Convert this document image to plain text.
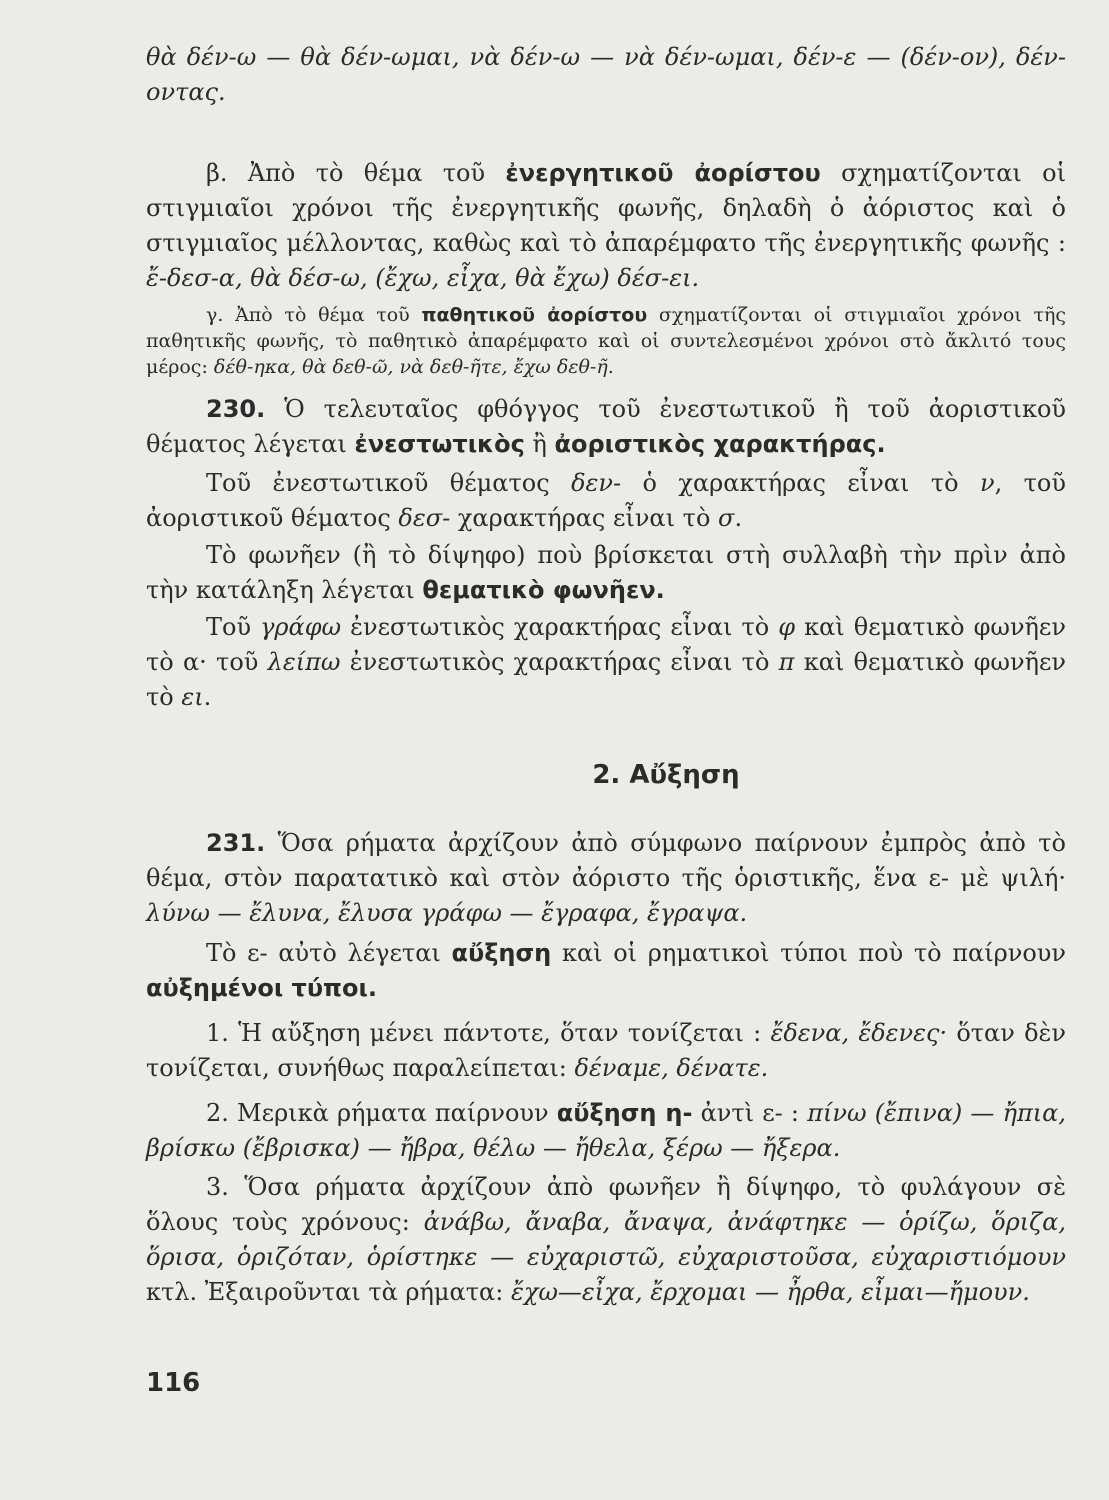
θὰ δέν-ω — θὰ δέν-ωμαι, νὰ δέν-ω — νὰ δέν-ωμαι, δέν-ε — (δέν-ον), δέν-οντας.

β. Ἀπὸ τὸ θέμα τοῦ ἐνεργητικοῦ ἀορίστου σχηματίζονται οἱ στιγμιαῖοι χρόνοι τῆς ἐνεργητικῆς φωνῆς, δηλαδὴ ὁ ἀόριστος καὶ ὁ στιγμιαῖος μέλλοντας, καθὼς καὶ τὸ ἀπαρέμφατο τῆς ἐνεργητικῆς φωνῆς : ἔ-δεσ-α, θὰ δέσ-ω, (ἔχω, εἶχα, θὰ ἔχω) δέσ-ει.

γ. Ἀπὸ τὸ θέμα τοῦ παθητικοῦ ἀορίστου σχηματίζονται οἱ στιγμιαῖοι χρόνοι τῆς παθητικῆς φωνῆς, τὸ παθητικὸ ἀπαρέμφατο καὶ οἱ συντελεσμένοι χρόνοι στὸ ἄκλιτό τους μέρος: δέθ-ηκα, θὰ δεθ-ῶ, νὰ δεθ-ῆτε, ἔχω δεθ-ῆ.

230. Ὁ τελευταῖος φθόγγος τοῦ ἐνεστωτικοῦ ἢ τοῦ ἀοριστικοῦ θέματος λέγεται ἐνεστωτικὸς ἢ ἀοριστικὸς χαρακτήρας.

Τοῦ ἐνεστωτικοῦ θέματος δεν- ὁ χαρακτήρας εἶναι τὸ ν, τοῦ ἀοριστικοῦ θέματος δεσ- χαρακτήρας εἶναι τὸ σ.

Τὸ φωνῆεν (ἢ τὸ δίψηφο) ποὺ βρίσκεται στὴ συλλαβὴ τὴν πρὶν ἀπὸ τὴν κατάληξη λέγεται θεματικὸ φωνῆεν.

Τοῦ γράφω ἐνεστωτικὸς χαρακτήρας εἶναι τὸ φ καὶ θεματικὸ φωνῆεν τὸ α· τοῦ λείπω ἐνεστωτικὸς χαρακτήρας εἶναι τὸ π καὶ θεματικὸ φωνῆεν τὸ ει.

2. Αὔξηση

231. Ὅσα ρήματα ἀρχίζουν ἀπὸ σύμφωνο παίρνουν ἐμπρὸς ἀπὸ τὸ θέμα, στὸν παρατατικὸ καὶ στὸν ἀόριστο τῆς ὁριστικῆς, ἕνα ε- μὲ ψιλή· λύνω — ἔλυνα, ἔλυσα γράφω — ἔγραφα, ἔγραψα.

Τὸ ε- αὐτὸ λέγεται αὔξηση καὶ οἱ ρηματικοὶ τύποι ποὺ τὸ παίρνουν αὐξημένοι τύποι.

1. Ἡ αὔξηση μένει πάντοτε, ὅταν τονίζεται : ἔδενα, ἔδενες· ὅταν δὲν τονίζεται, συνήθως παραλείπεται: δέναμε, δένατε.

2. Μερικὰ ρήματα παίρνουν αὔξηση η- ἀντὶ ε- : πίνω (ἔπινα) — ἤπια, βρίσκω (ἔβρισκα) — ἤβρα, θέλω — ἤθελα, ξέρω — ἤξερα.

3. Ὅσα ρήματα ἀρχίζουν ἀπὸ φωνῆεν ἢ δίψηφο, τὸ φυλάγουν σὲ ὅλους τοὺς χρόνους: ἀνάβω, ἄναβα, ἄναψα, ἀνάφτηκε — ὁρίζω, ὅριζα, ὅρισα, ὁριζόταν, ὁρίστηκε — εὐχαριστῶ, εὐχαριστοῦσα, εὐχαριστιόμουν κτλ. Ἐξαιροῦνται τὰ ρήματα: ἔχω—εἶχα, ἔρχομαι — ἦρθα, εἶμαι—ἤμουν.

116
